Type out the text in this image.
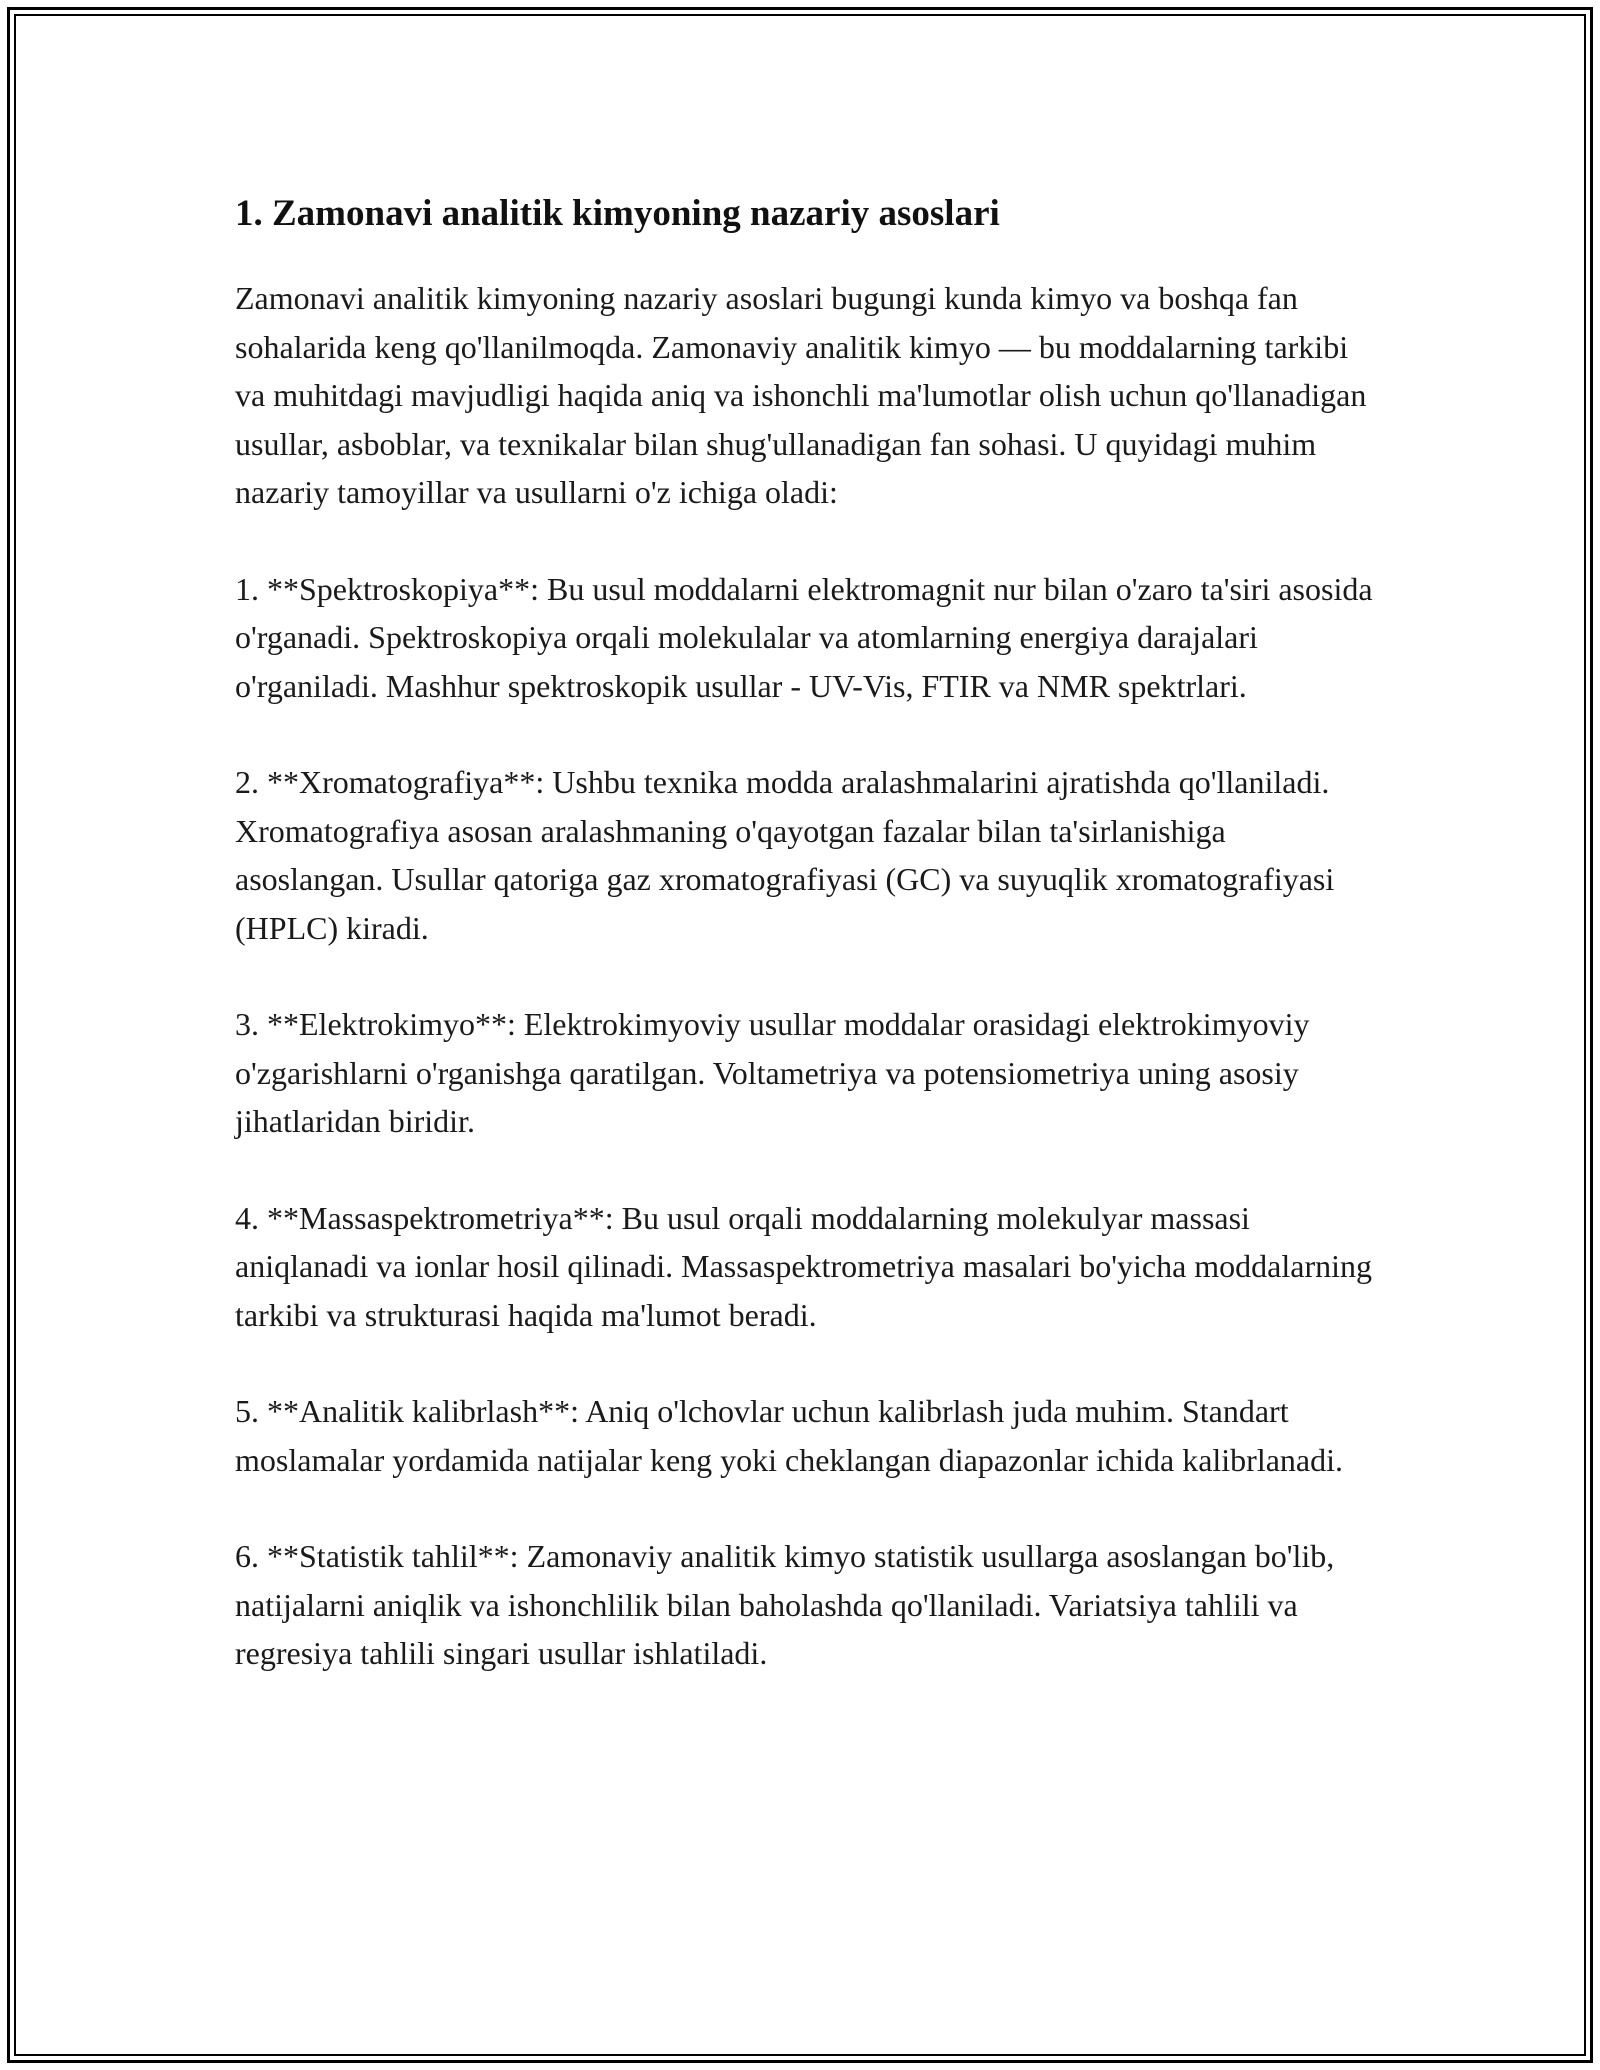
1. Zamonavi analitik kimyoning nazariy asoslari

Zamonavi analitik kimyoning nazariy asoslari bugungi kunda kimyo va boshqa fan sohalarida keng qo'llanilmoqda. Zamonaviy analitik kimyo — bu moddalarning tarkibi va muhitdagi mavjudligi haqida aniq va ishonchli ma'lumotlar olish uchun qo'llanadigan usullar, asboblar, va texnikalar bilan shug'ullanadigan fan sohasi. U quyidagi muhim nazariy tamoyillar va usullarni o'z ichiga oladi:

1. **Spektroskopiya**: Bu usul moddalarni elektromagnit nur bilan o'zaro ta'siri asosida o'rganadi. Spektroskopiya orqali molekulalar va atomlarning energiya darajalari o'rganiladi. Mashhur spektroskopik usullar - UV-Vis, FTIR va NMR spektrlari.

2. **Xromatografiya**: Ushbu texnika modda aralashmalarini ajratishda qo'llaniladi. Xromatografiya asosan aralashmaning o'qayotgan fazalar bilan ta'sirlanishiga asoslangan. Usullar qatoriga gaz xromatografiyasi (GC) va suyuqlik xromatografiyasi (HPLC) kiradi.

3. **Elektrokimyo**: Elektrokimyoviy usullar moddalar orasidagi elektrokimyoviy o'zgarishlarni o'rganishga qaratilgan. Voltametriya va potensiometriya uning asosiy jihatlaridan biridir.

4. **Massaspektrometriya**: Bu usul orqali moddalarning molekulyar massasi aniqlanadi va ionlar hosil qilinadi. Massaspektrometriya masalari bo'yicha moddalarning tarkibi va strukturasi haqida ma'lumot beradi.

5. **Analitik kalibrlash**: Aniq o'lchovlar uchun kalibrlash juda muhim. Standart moslamalar yordamida natijalar keng yoki cheklangan diapazonlar ichida kalibrlanadi.

6. **Statistik tahlil**: Zamonaviy analitik kimyo statistik usullarga asoslangan bo'lib, natijalarni aniqlik va ishonchlilik bilan baholashda qo'llaniladi. Variatsiya tahlili va regresiya tahlili singari usullar ishlatiladi.
